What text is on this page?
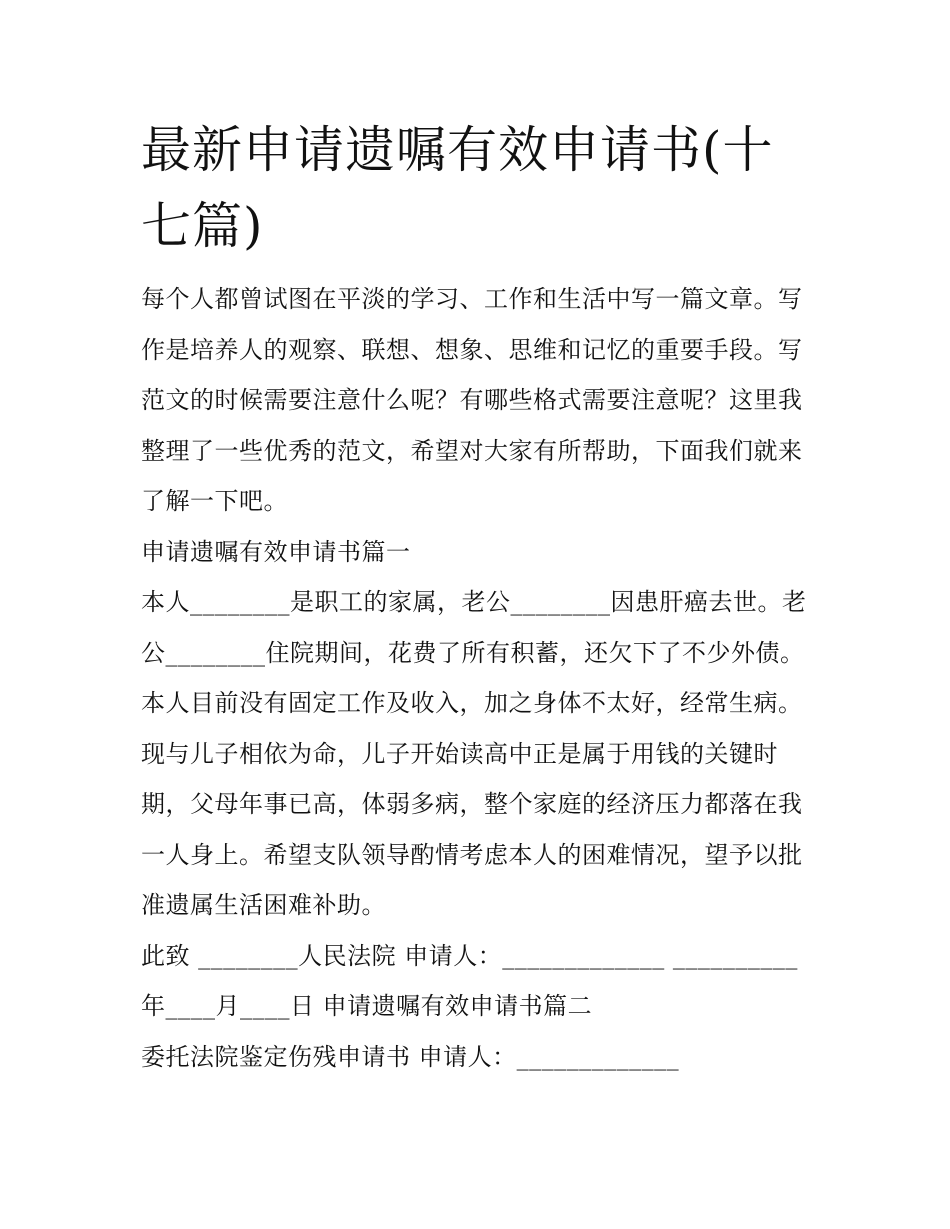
最新申请遗嘱有效申请书(十七篇)

每个人都曾试图在平淡的学习、工作和生活中写一篇文章。写作是培养人的观察、联想、想象、思维和记忆的重要手段。写范文的时候需要注意什么呢？有哪些格式需要注意呢？这里我整理了一些优秀的范文，希望对大家有所帮助，下面我们就来了解一下吧。

申请遗嘱有效申请书篇一

本人________是职工的家属，老公________因患肝癌去世。老公________住院期间，花费了所有积蓄，还欠下了不少外债。本人目前没有固定工作及收入，加之身体不太好，经常生病。现与儿子相依为命，儿子开始读高中正是属于用钱的关键时期，父母年事已高，体弱多病，整个家庭的经济压力都落在我一人身上。希望支队领导酌情考虑本人的困难情况，望予以批准遗属生活困难补助。

此致 ________人民法院 申请人：_____________ __________年____月____日 申请遗嘱有效申请书篇二

委托法院鉴定伤残申请书 申请人：_____________
